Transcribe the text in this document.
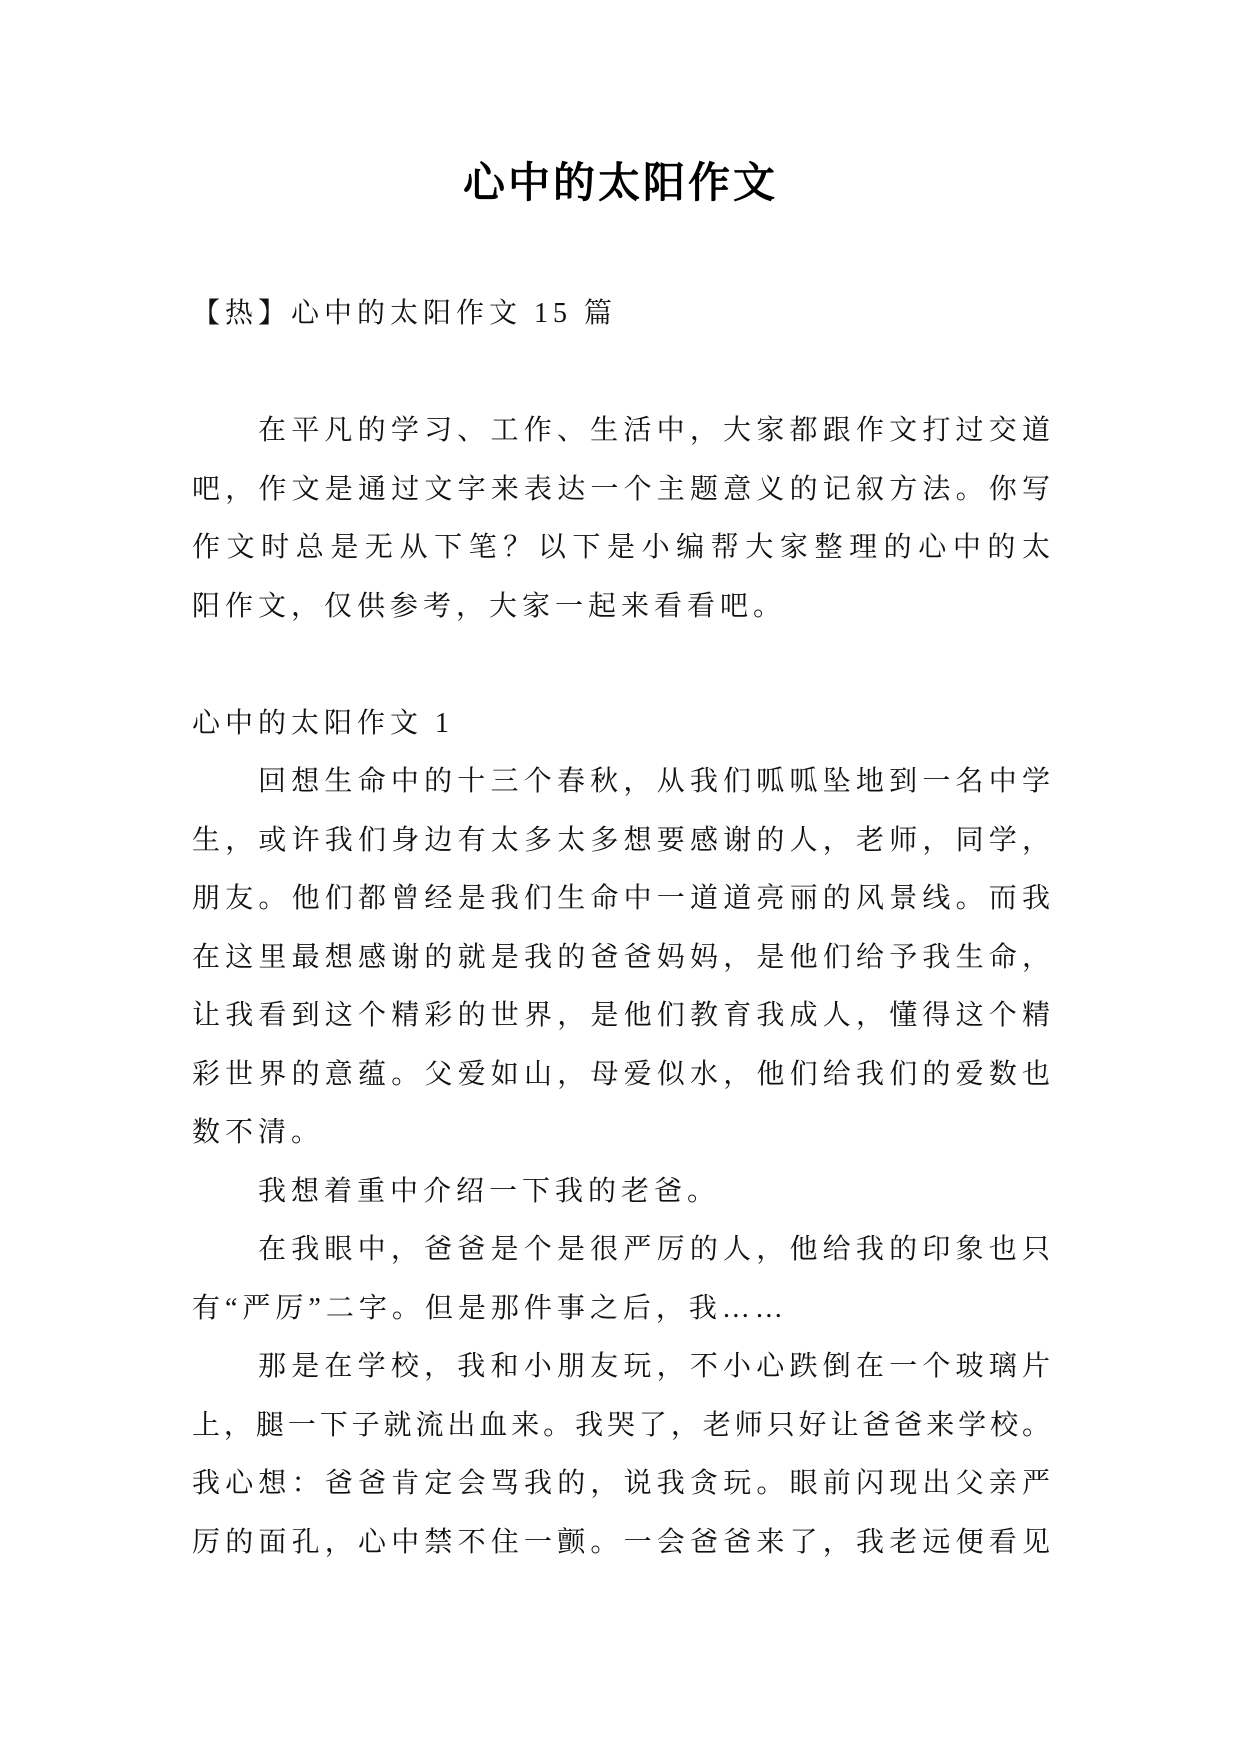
心中的太阳作文
【热】心中的太阳作文 15 篇
在平凡的学习、工作、生活中，大家都跟作文打过交道
吧，作文是通过文字来表达一个主题意义的记叙方法。你写
作文时总是无从下笔？以下是小编帮大家整理的心中的太
阳作文，仅供参考，大家一起来看看吧。
心中的太阳作文 1
回想生命中的十三个春秋，从我们呱呱坠地到一名中学
生，或许我们身边有太多太多想要感谢的人，老师，同学，
朋友。他们都曾经是我们生命中一道道亮丽的风景线。而我
在这里最想感谢的就是我的爸爸妈妈，是他们给予我生命，
让我看到这个精彩的世界，是他们教育我成人，懂得这个精
彩世界的意蕴。父爱如山，母爱似水，他们给我们的爱数也
数不清。
我想着重中介绍一下我的老爸。
在我眼中，爸爸是个是很严厉的人，他给我的印象也只
有“严厉”二字。但是那件事之后，我……
那是在学校，我和小朋友玩，不小心跌倒在一个玻璃片
上，腿一下子就流出血来。我哭了，老师只好让爸爸来学校。
我心想：爸爸肯定会骂我的，说我贪玩。眼前闪现出父亲严
厉的面孔，心中禁不住一颤。一会爸爸来了，我老远便看见
